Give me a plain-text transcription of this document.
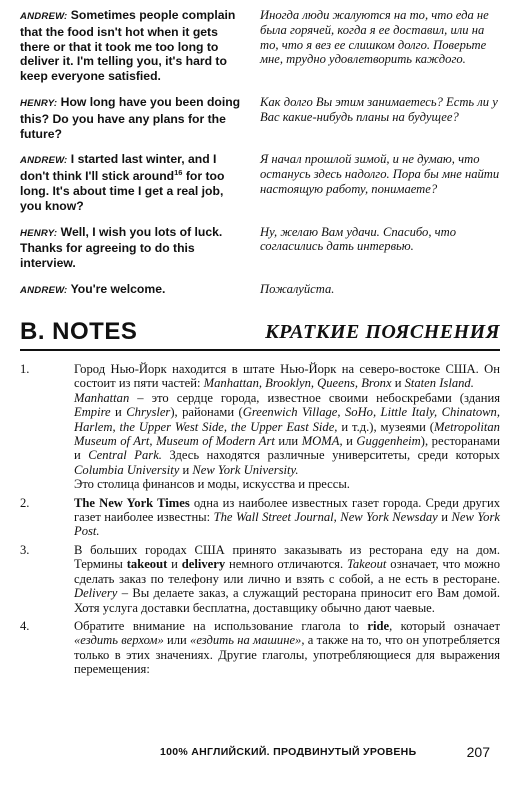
ANDREW: Sometimes people complain that the food isn't hot when it gets there or that it took me too long to deliver it. I'm telling you, it's hard to keep everyone satisfied.
Иногда люди жалуются на то, что еда не была горячей, когда я ее доставил, или на то, что я вез ее слишком долго. Поверьте мне, трудно удовлетворить каждого.
HENRY: How long have you been doing this? Do you have any plans for the future?
Как долго Вы этим занимаетесь? Есть ли у Вас какие-нибудь планы на будущее?
ANDREW: I started last winter, and I don't think I'll stick around$^{16}$ for too long. It's about time I get a real job, you know?
Я начал прошлой зимой, и не думаю, что останусь здесь надолго. Пора бы мне найти настоящую работу, понимаете?
HENRY: Well, I wish you lots of luck. Thanks for agreeing to do this interview.
Ну, желаю Вам удачи. Спасибо, что согласились дать интервью.
ANDREW: You're welcome.	Пожалуйста.
B. NOTES	КРАТКИЕ ПОЯСНЕНИЯ
1.	Город Нью-Йорк находится в штате Нью-Йорк на северо-востоке США. Он состоит из пяти частей: Manhattan, Brooklyn, Queens, Bronx и Staten Island.
Manhattan – это сердце города, известное своими небоскребами (здания Empire и Chrysler), районами (Greenwich Village, SoHo, Little Italy, Chinatown, Harlem, the Upper West Side, the Upper East Side, и т.д.), музеями (Metropolitan Museum of Art, Museum of Modern Art или MOMA, и Guggenheim), ресторанами и Central Park. Здесь находятся различные университеты, среди которых Columbia University и New York University.
Это столица финансов и моды, искусства и прессы.
2.	The New York Times одна из наиболее известных газет города. Среди других газет наиболее известны: The Wall Street Journal, New York Newsday и New York Post.
3.	В больших городах США принято заказывать из ресторана еду на дом. Термины takeout и delivery немного отличаются. Takeout означает, что можно сделать заказ по телефону или лично и взять с собой, а не есть в ресторане. Delivery – Вы делаете заказ, а служащий ресторана приносит его Вам домой. Хотя услуга доставки бесплатна, доставщику обычно дают чаевые.
4.	Обратите внимание на использование глагола to ride, который означает «ездить верхом» или «ездить на машине», а также на то, что он употребляется только в этих значениях. Другие глаголы, употребляющиеся для выражения перемещения:
100% АНГЛИЙСКИЙ. ПРОДВИНУТЫЙ УРОВЕНЬ	207
